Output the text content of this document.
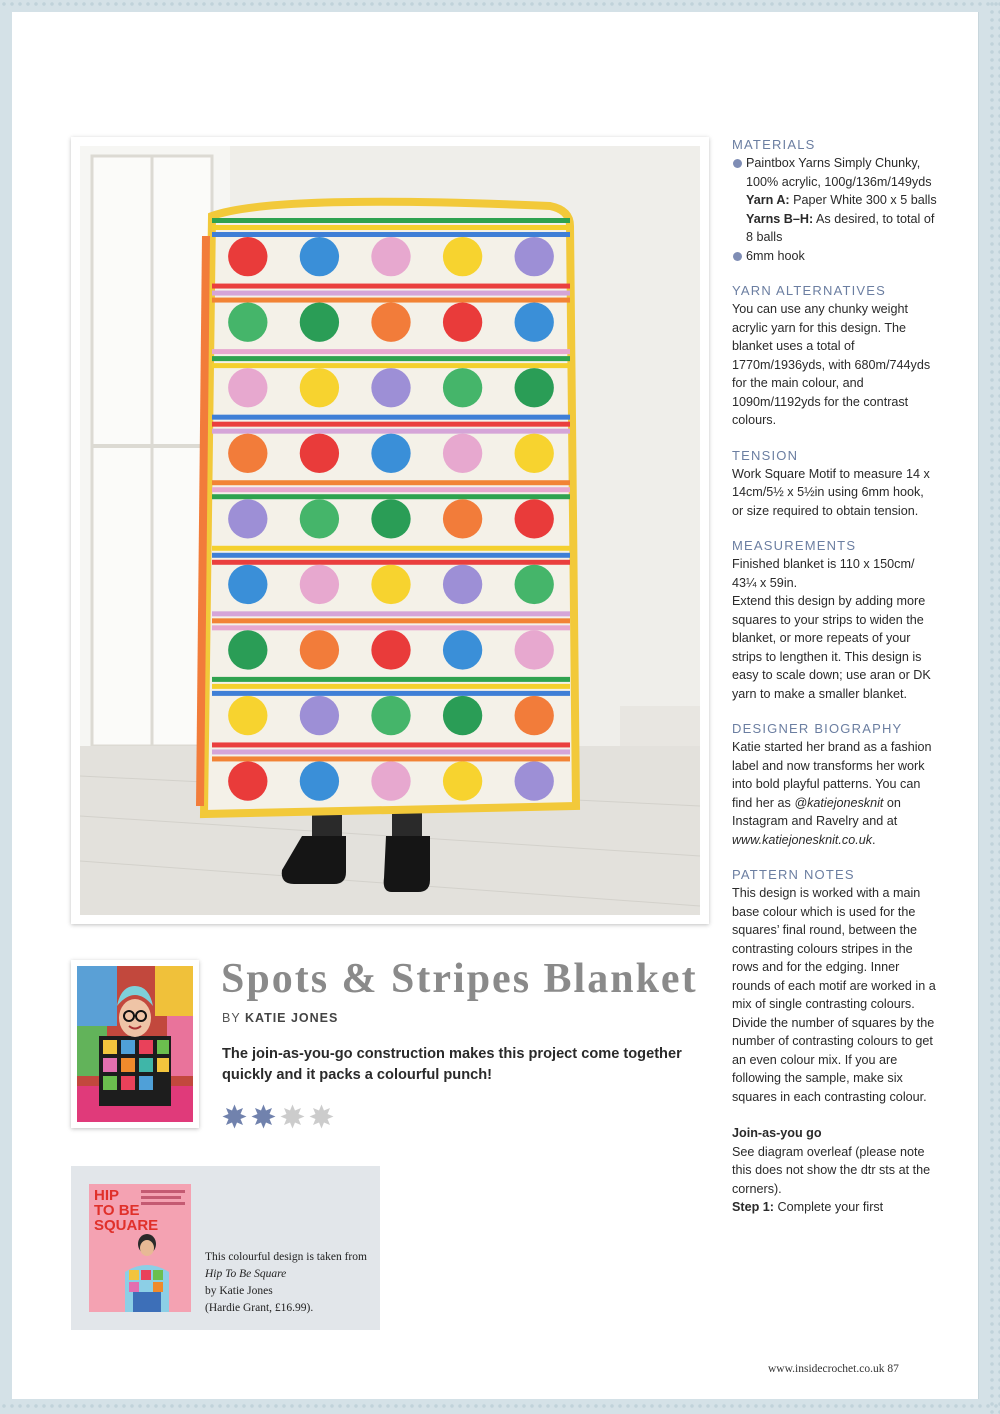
MATERIALS
Paintbox Yarns Simply Chunky, 100% acrylic, 100g/136m/149yds
Yarn A: Paper White 300 x 5 balls
Yarns B–H: As desired, to total of 8 balls
6mm hook
YARN ALTERNATIVES
You can use any chunky weight acrylic yarn for this design. The blanket uses a total of 1770m/1936yds, with 680m/744yds for the main colour, and 1090m/1192yds for the contrast colours.
TENSION
Work Square Motif to measure 14 x 14cm/5½ x 5½in using 6mm hook, or size required to obtain tension.
MEASUREMENTS
Finished blanket is 110 x 150cm/ 43¼ x 59in.
Extend this design by adding more squares to your strips to widen the blanket, or more repeats of your strips to lengthen it. This design is easy to scale down; use aran or DK yarn to make a smaller blanket.
DESIGNER BIOGRAPHY
Katie started her brand as a fashion label and now transforms her work into bold playful patterns. You can find her as @katiejonesknit on Instagram and Ravelry and at www.katiejonesknit.co.uk.
PATTERN NOTES
This design is worked with a main base colour which is used for the squares’ final round, between the contrasting colours stripes in the rows and for the edging. Inner rounds of each motif are worked in a mix of single contrasting colours. Divide the number of squares by the number of contrasting colours to get an even colour mix. If you are following the sample, make six squares in each contrasting colour.
Join-as-you go
See diagram overleaf (please note this does not show the dtr sts at the corners).
Step 1: Complete your first
Spots & Stripes Blanket
BY KATIE JONES
The join-as-you-go construction makes this project come together quickly and it packs a colourful punch!
HIP
TO BE
SQUARE
This colourful design is taken from Hip To Be Square
by Katie Jones
(Hardie Grant, £16.99).
www.insidecrochet.co.uk 87
